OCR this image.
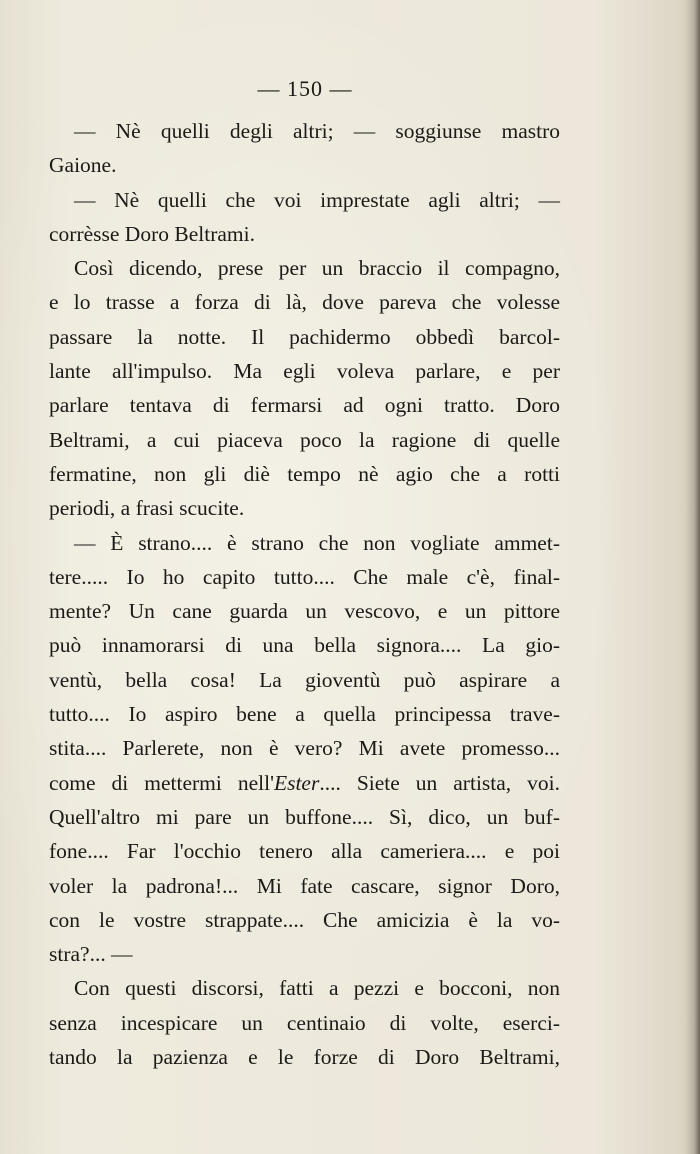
— 150 —
— Nè quelli degli altri; — soggiunse mastro
Gaione.
— Nè quelli che voi imprestate agli altri; —
corrèsse Doro Beltrami.
Così dicendo, prese per un braccio il compagno,
e lo trasse a forza di là, dove pareva che volesse
passare la notte. Il pachidermo obbedì barcol-
lante all'impulso. Ma egli voleva parlare, e per
parlare tentava di fermarsi ad ogni tratto. Doro
Beltrami, a cui piaceva poco la ragione di quelle
fermatine, non gli diè tempo nè agio che a rotti
periodi, a frasi scucite.
— È strano.... è strano che non vogliate ammet-
tere..... Io ho capito tutto.... Che male c'è, final-
mente? Un cane guarda un vescovo, e un pittore
può innamorarsi di una bella signora.... La gio-
ventù, bella cosa! La gioventù può aspirare a
tutto.... Io aspiro bene a quella principessa trave-
stita.... Parlerete, non è vero? Mi avete promesso...
come di mettermi nell'Ester.... Siete un artista, voi.
Quell'altro mi pare un buffone.... Sì, dico, un buf-
fone.... Far l'occhio tenero alla cameriera.... e poi
voler la padrona!... Mi fate cascare, signor Doro,
con le vostre strappate.... Che amicizia è la vo-
stra?... —
Con questi discorsi, fatti a pezzi e bocconi, non
senza incespicare un centinaio di volte, eserci-
tando la pazienza e le forze di Doro Beltrami,
